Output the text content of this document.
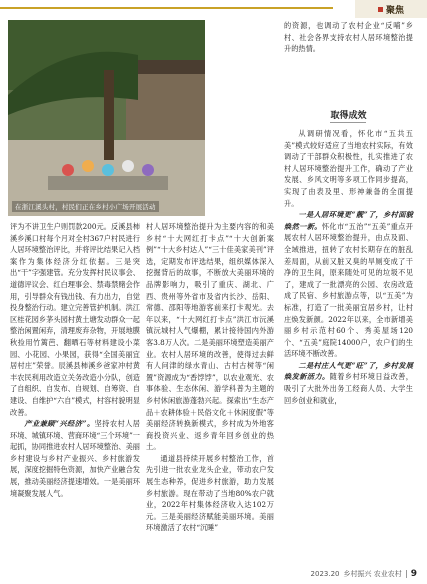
聚焦
在浙江溪头村，村民们正在乡村小广场开展活动

评为不讲卫生户则罚款200元。反溪县柿溪乡溪口村每个月对全村367户村民进行人居环境整治评比，并将评比结果记入档案作为集体经济分红依据。三是突出“干”字强建管。充分发挥村民议事会、道德评议会、红白理事会、禁毒禁赌会作用，引导群众有钱出钱、有力出力，自觉投身整治行动。建立完善管护机制。洪江区桂花园乡茅头园村黄土塘发动群众一起整治闲置闲弃，清理废弃杂物，开展地膜秋捡用竹篱芭、翻晒石等材料建设小菜园、小花园、小果园，获得“全国美丽宜居村庄”荣誉。辰溪县柿溪乡爸家冲村黄丰农民利用改造立关务改造小分队，创造了自组织、自发布、自规划、自筹资、自建设、自维护“六自”模式，村容村貌明显改善。

产业兼顾“兴经济”。坚持农村人居环境、城镇环境、营商环境“三个环境”一起抓，协同推进农村人居环境整治、美丽乡村建设与乡村产业振兴、乡村旅游发展，深度挖掘特色资源，加快产业融合发展，推动美丽经济提速增效。一是美丽环境凝聚发展人气。

村人居环境整治提升为主要内容的和美乡村“十大网红打卡点”“十大创新案例”“十大乡村达人”“三十佳美家美刊”评选，定期发布评选结果，组织媒体深入挖掘背后的故事，不断放大美丽环境的品牌影响力，吸引了重庆、湖北、广西、贵州等外省市及省内长沙、岳阳、常德、邵阳等地游客前来打卡观光。去年以来，“十大网红打卡点”洪江市沅溪镇沅城村人气爆棚，累计接待国内外游客3.8万人次。二是美丽环境塑造美丽产业。农村人居环境的改善，使得过去鲜有人问津的绿水青山、古村古树等“闲置”资源成为“香饽饽”，以农业观光、农事体验、生态休闲、游学科普为主题的乡村休闲旅游蓬勃兴起。探索出“生态产品＋农耕体验＋民俗文化＋休闲度假”等美丽经济转换新模式，乡村成为外地客商投资兴业、返乡青年回乡创业的热土。

通道县持续开展乡村整治工作，首先引进一批农业龙头企业，带动农户发展生态种养，促进乡村旅游，助力发展乡村旅游。现在带动了当地80%农户就业，2022年村集体经济收入达102万元。三是美丽经济赋能美丽环境。美丽环境激活了农村“沉睡”

的资源，也调动了农村企业“反哺”乡村、社会各界支持农村人居环境整治提升的热情。

取得成效

从调研情况看，怀化市“五共五美”模式较好适应了当地农村实际，有效调动了干部群众积极性，扎实推进了农村人居环境整治提升工作，确动了产业发展、乡风文明等多项工作同步提高，实现了由表及里、形神兼备的全面提升。

一是人居环境更“靓”了，乡村面貌焕然一新。怀化市“五治”“五美”重点开展农村人居环境整治提升，由点及面、全域推进，扭转了农村长期存在的脏乱差局面，从前又脏又臭的旱厕变成了干净的卫生间，原来随处可见的垃圾不见了，建成了一批漂亮的公园、农房改造成了民宿、乡村旅游点等，以“五美”为标准，打造了一批美丽宜居乡村，让村庄焕发新颜。2022年以来，全市新增美丽乡村示范村60个、秀美屋场120个、“五美”庭院14000户，农户们的生活环境不断改善。

二是村庄人气更“旺”了，乡村发展焕发新活力。随着乡村环境日益改善，吸引了大批外出务工经商人员、大学生回乡创业和就业，

2023.20 乡村振兴 农业农村 9
